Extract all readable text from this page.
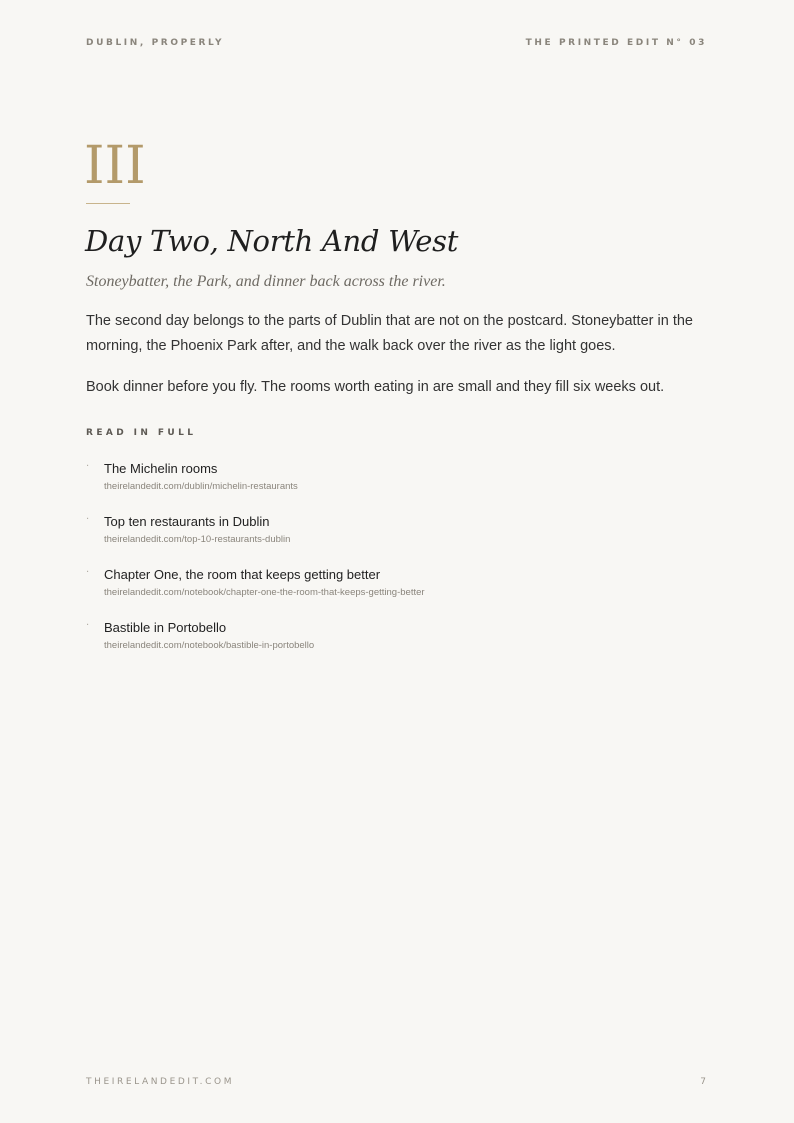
DUBLIN, PROPERLY	THE PRINTED EDIT N° 03
III
Day Two, North And West
Stoneybatter, the Park, and dinner back across the river.

The second day belongs to the parts of Dublin that are not on the postcard. Stoneybatter in the morning, the Phoenix Park after, and the walk back over the river as the light goes.

Book dinner before you fly. The rooms worth eating in are small and they fill six weeks out.

READ IN FULL
· The Michelin rooms
theirelandedit.com/dublin/michelin-restaurants
· Top ten restaurants in Dublin
theirelandedit.com/top-10-restaurants-dublin
· Chapter One, the room that keeps getting better
theirelandedit.com/notebook/chapter-one-the-room-that-keeps-getting-better
· Bastible in Portobello
theirelandedit.com/notebook/bastible-in-portobello
THEIRELANDEDIT.COM	7
